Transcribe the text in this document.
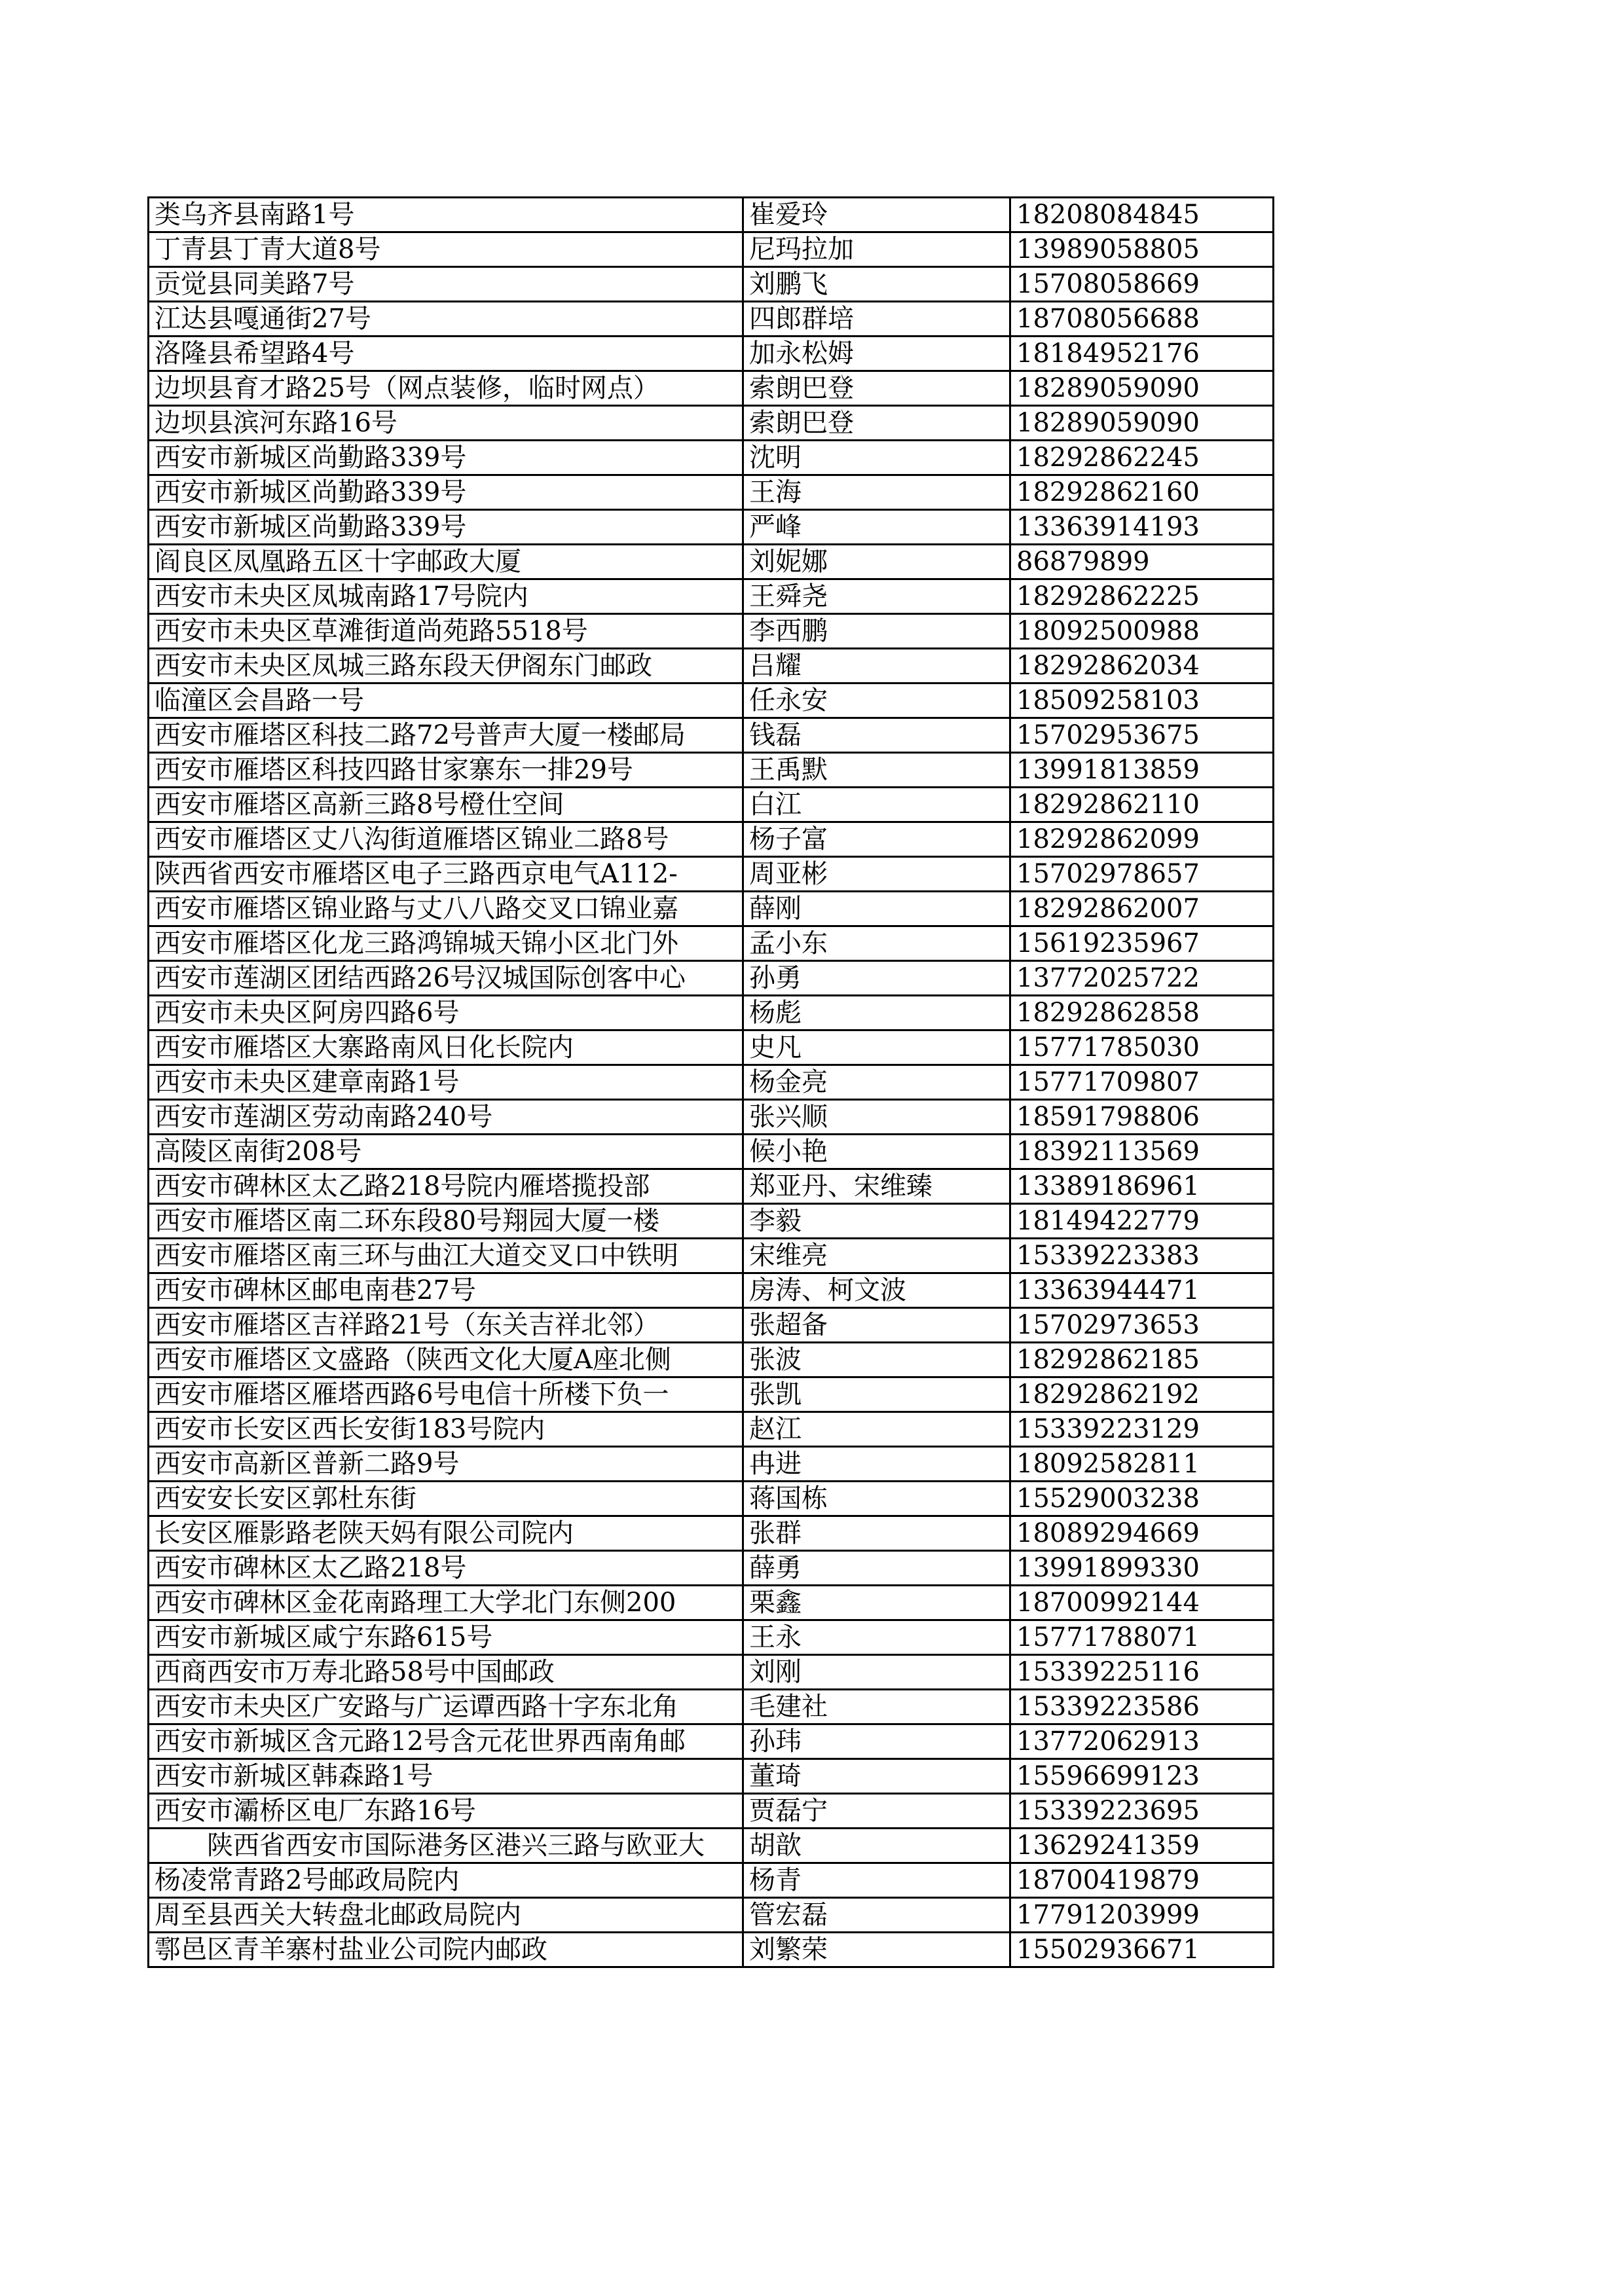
类乌齐县南路1号	崔爱玲	18208084845
丁青县丁青大道8号	尼玛拉加	13989058805
贡觉县同美路7号	刘鹏飞	15708058669
江达县嘎通街27号	四郎群培	18708056688
洛隆县希望路4号	加永松姆	18184952176
边坝县育才路25号（网点装修，临时网点）	索朗巴登	18289059090
边坝县滨河东路16号	索朗巴登	18289059090
西安市新城区尚勤路339号	沈明	18292862245
西安市新城区尚勤路339号	王海	18292862160
西安市新城区尚勤路339号	严峰	13363914193
阎良区凤凰路五区十字邮政大厦	刘妮娜	86879899
西安市未央区凤城南路17号院内	王舜尧	18292862225
西安市未央区草滩街道尚苑路5518号	李西鹏	18092500988
西安市未央区凤城三路东段天伊阁东门邮政	吕耀	18292862034
临潼区会昌路一号	任永安	18509258103
西安市雁塔区科技二路72号普声大厦一楼邮局	钱磊	15702953675
西安市雁塔区科技四路甘家寨东一排29号	王禹默	13991813859
西安市雁塔区高新三路8号橙仕空间	白江	18292862110
西安市雁塔区丈八沟街道雁塔区锦业二路8号	杨子富	18292862099
陕西省西安市雁塔区电子三路西京电气A112-	周亚彬	15702978657
西安市雁塔区锦业路与丈八八路交叉口锦业嘉	薛刚	18292862007
西安市雁塔区化龙三路鸿锦城天锦小区北门外	孟小东	15619235967
西安市莲湖区团结西路26号汉城国际创客中心	孙勇	13772025722
西安市未央区阿房四路6号	杨彪	18292862858
西安市雁塔区大寨路南风日化长院内	史凡	15771785030
西安市未央区建章南路1号	杨金亮	15771709807
西安市莲湖区劳动南路240号	张兴顺	18591798806
高陵区南街208号	候小艳	18392113569
西安市碑林区太乙路218号院内雁塔揽投部	郑亚丹、宋维臻	13389186961
西安市雁塔区南二环东段80号翔园大厦一楼	李毅	18149422779
西安市雁塔区南三环与曲江大道交叉口中铁明	宋维亮	15339223383
西安市碑林区邮电南巷27号	房涛、柯文波	13363944471
西安市雁塔区吉祥路21号（东关吉祥北邻）	张超备	15702973653
西安市雁塔区文盛路（陕西文化大厦A座北侧	张波	18292862185
西安市雁塔区雁塔西路6号电信十所楼下负一	张凯	18292862192
西安市长安区西长安街183号院内	赵江	15339223129
西安市高新区普新二路9号	冉进	18092582811
西安安长安区郭杜东街	蒋国栋	15529003238
长安区雁影路老陕天妈有限公司院内	张群	18089294669
西安市碑林区太乙路218号	薛勇	13991899330
西安市碑林区金花南路理工大学北门东侧200	栗鑫	18700992144
西安市新城区咸宁东路615号	王永	15771788071
西商西安市万寿北路58号中国邮政	刘刚	15339225116
西安市未央区广安路与广运谭西路十字东北角	毛建社	15339223586
西安市新城区含元路12号含元花世界西南角邮	孙玮	13772062913
西安市新城区韩森路1号	董琦	15596699123
西安市灞桥区电厂东路16号	贾磊宁	15339223695
　　陕西省西安市国际港务区港兴三路与欧亚大	胡歆	13629241359
杨凌常青路2号邮政局院内	杨青	18700419879
周至县西关大转盘北邮政局院内	管宏磊	17791203999
鄠邑区青羊寨村盐业公司院内邮政	刘繁荣	15502936671
